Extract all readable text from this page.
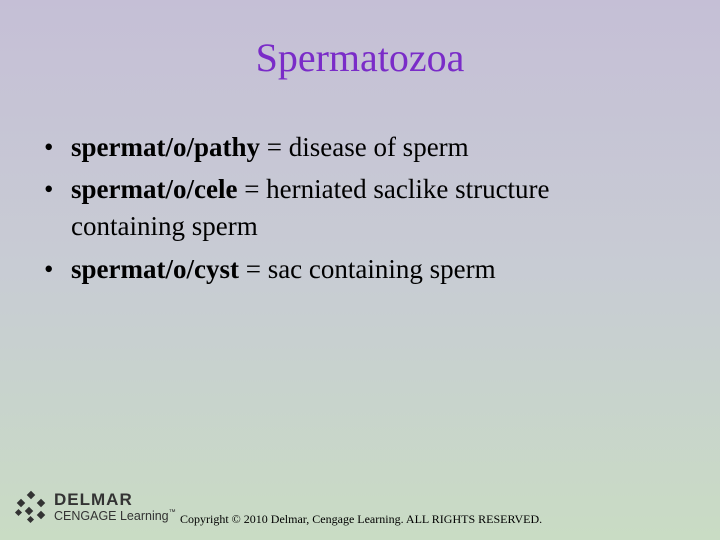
Spermatozoa
• spermat/o/pathy = disease of sperm
• spermat/o/cele = herniated saclike structure
containing sperm
• spermat/o/cyst = sac containing sperm
DELMAR
CENGAGE Learning™ Copyright © 2010 Delmar, Cengage Learning. ALL RIGHTS RESERVED.
